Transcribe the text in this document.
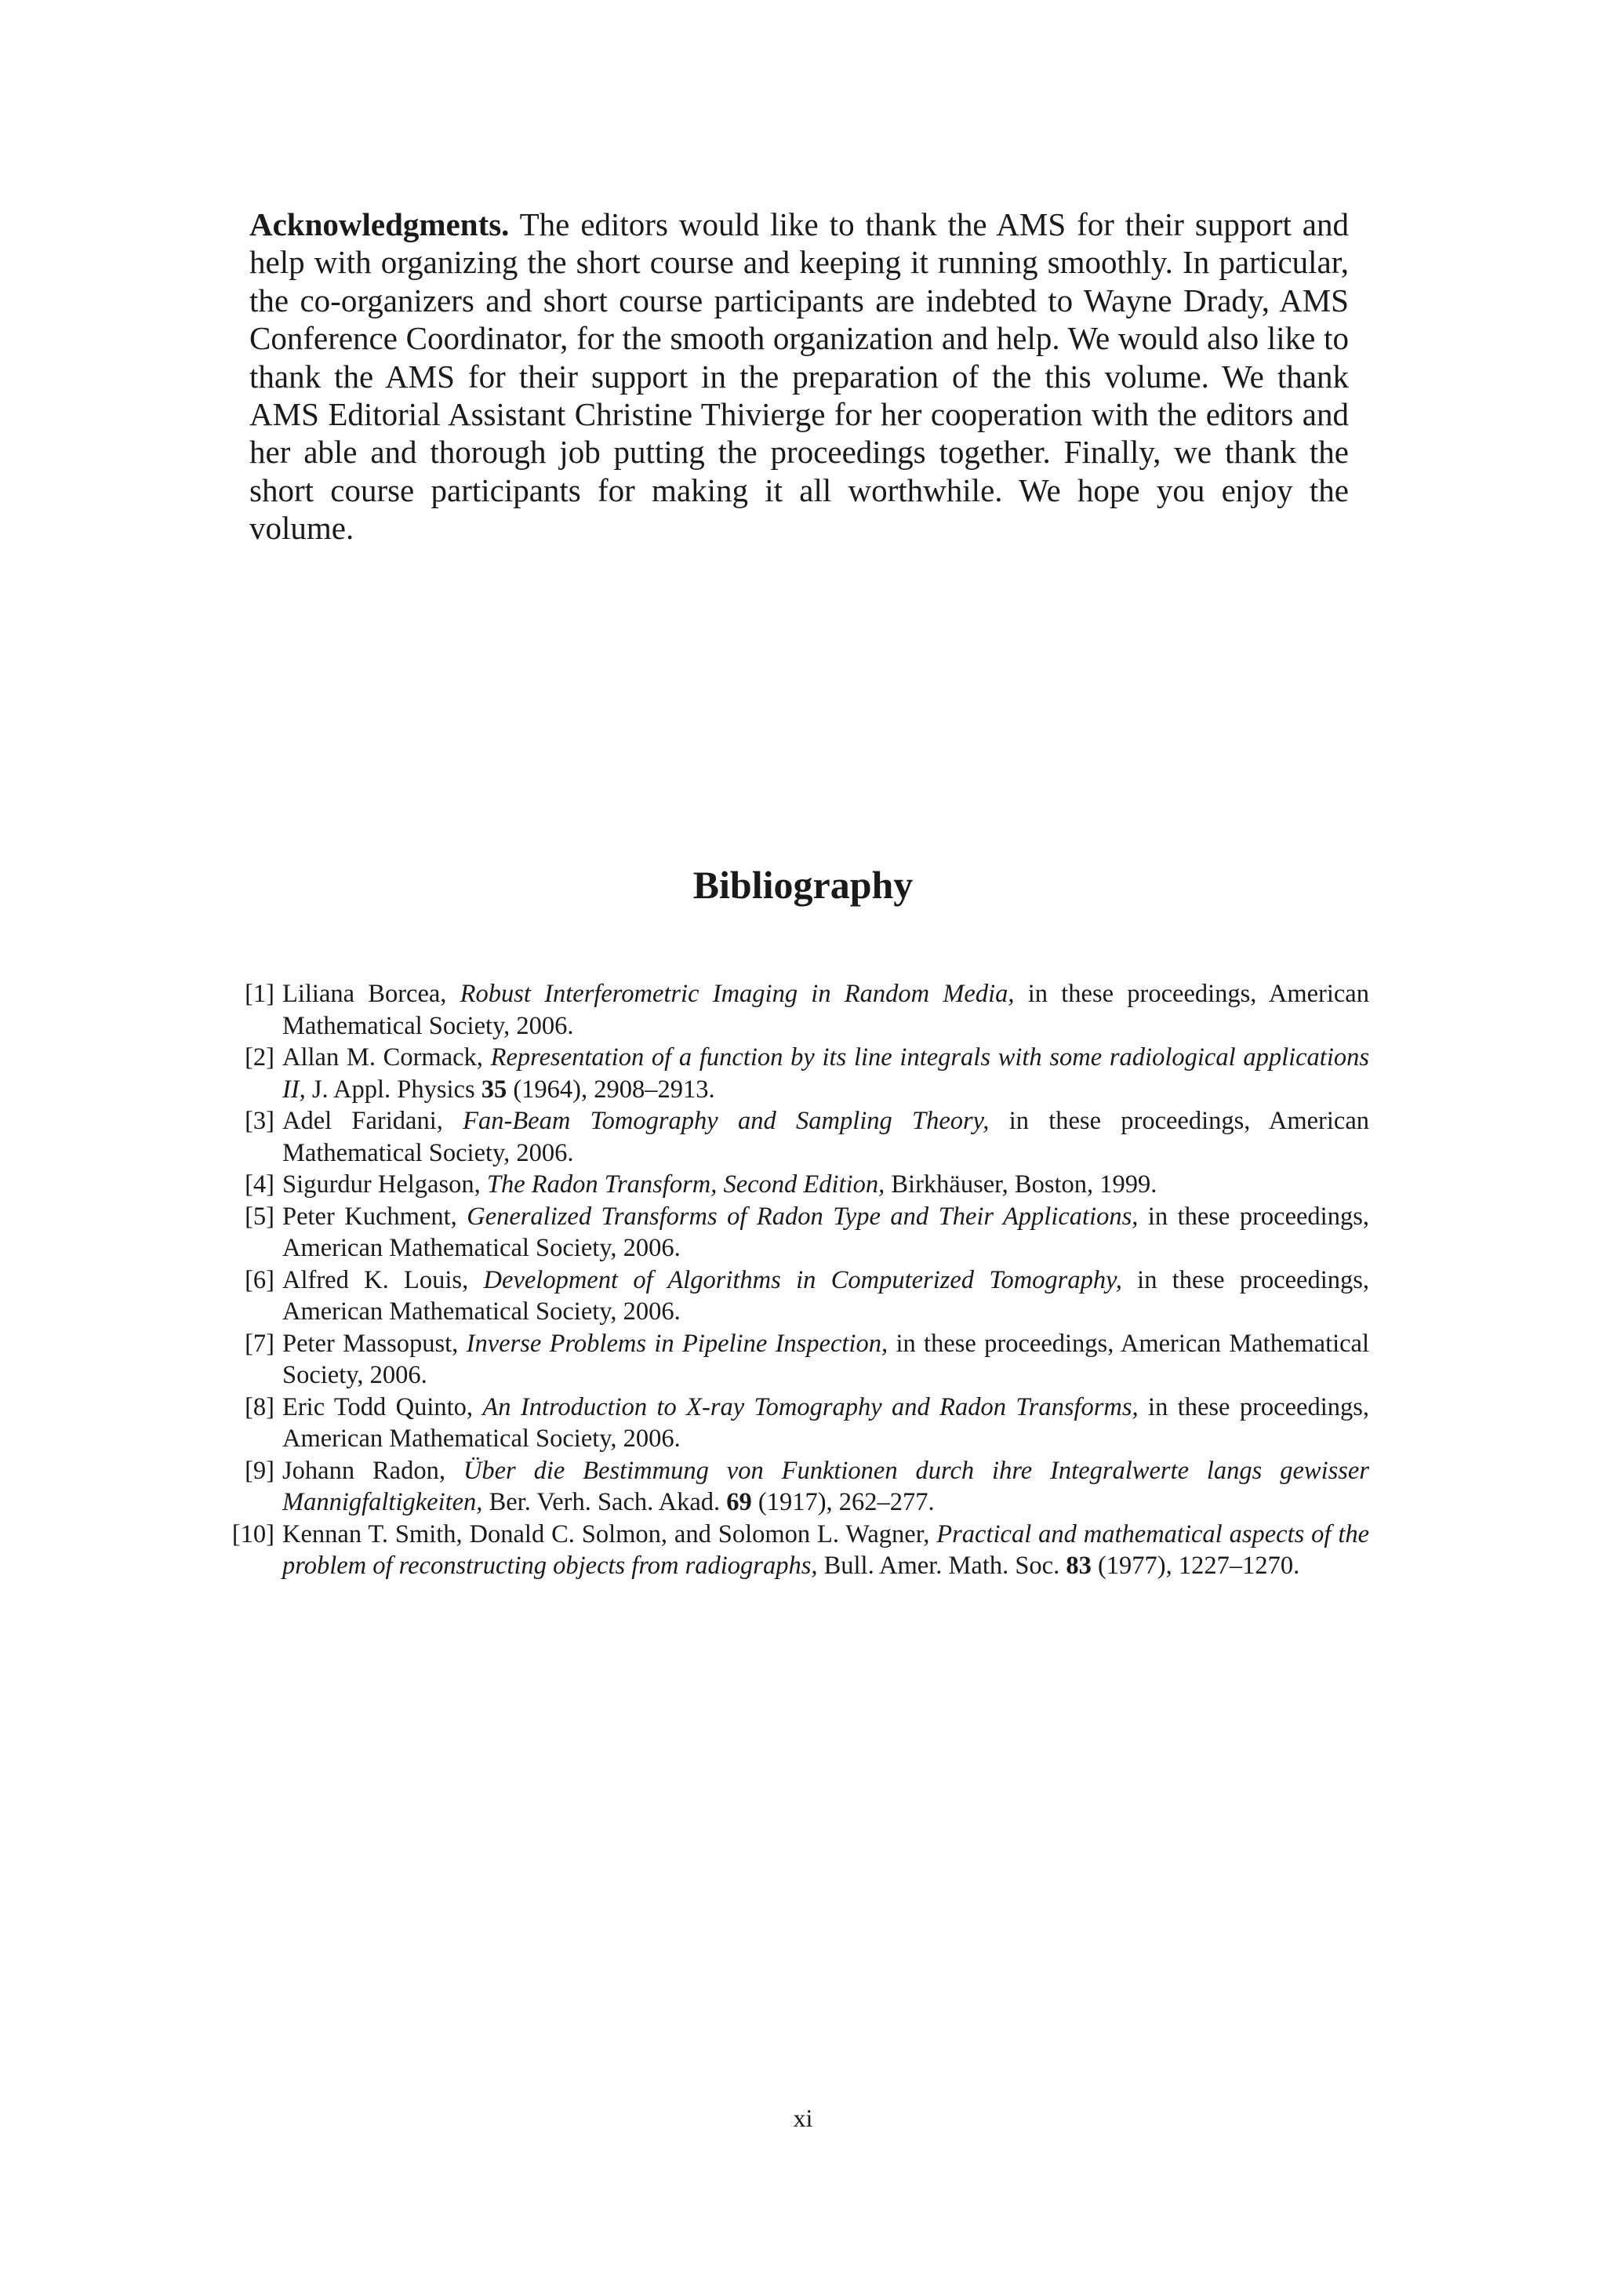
Acknowledgments. The editors would like to thank the AMS for their support and help with organizing the short course and keeping it running smoothly. In particular, the co-organizers and short course participants are indebted to Wayne Drady, AMS Conference Coordinator, for the smooth organization and help. We would also like to thank the AMS for their support in the preparation of the this volume. We thank AMS Editorial Assistant Christine Thivierge for her cooperation with the editors and her able and thorough job putting the proceedings together. Finally, we thank the short course participants for making it all worthwhile. We hope you enjoy the volume.

Bibliography
[1] Liliana Borcea, Robust Interferometric Imaging in Random Media, in these proceedings, American Mathematical Society, 2006.
[2] Allan M. Cormack, Representation of a function by its line integrals with some radiological applications II, J. Appl. Physics 35 (1964), 2908–2913.
[3] Adel Faridani, Fan-Beam Tomography and Sampling Theory, in these proceedings, American Mathematical Society, 2006.
[4] Sigurdur Helgason, The Radon Transform, Second Edition, Birkhäuser, Boston, 1999.
[5] Peter Kuchment, Generalized Transforms of Radon Type and Their Applications, in these proceedings, American Mathematical Society, 2006.
[6] Alfred K. Louis, Development of Algorithms in Computerized Tomography, in these proceedings, American Mathematical Society, 2006.
[7] Peter Massopust, Inverse Problems in Pipeline Inspection, in these proceedings, American Mathematical Society, 2006.
[8] Eric Todd Quinto, An Introduction to X-ray Tomography and Radon Transforms, in these proceedings, American Mathematical Society, 2006.
[9] Johann Radon, Über die Bestimmung von Funktionen durch ihre Integralwerte langs gewisser Mannigfaltigkeiten, Ber. Verh. Sach. Akad. 69 (1917), 262–277.
[10] Kennan T. Smith, Donald C. Solmon, and Solomon L. Wagner, Practical and mathematical aspects of the problem of reconstructing objects from radiographs, Bull. Amer. Math. Soc. 83 (1977), 1227–1270.
xi
